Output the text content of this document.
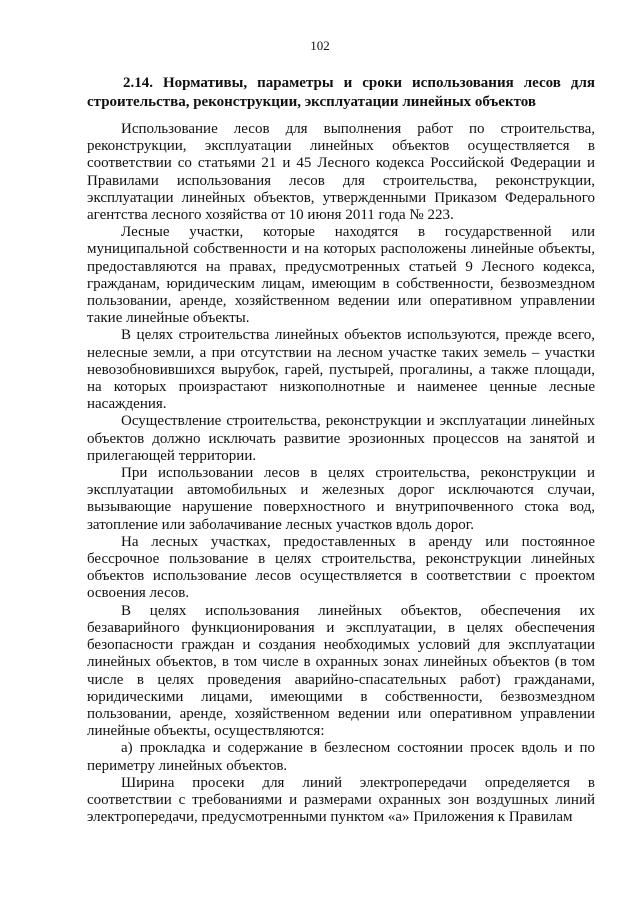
102
2.14. Нормативы, параметры и сроки использования лесов для строительства, реконструкции, эксплуатации линейных объектов

Использование лесов для выполнения работ по строительства, реконструкции, эксплуатации линейных объектов осуществляется в соответствии со статьями 21 и 45 Лесного кодекса Российской Федерации и Правилами использования лесов для строительства, реконструкции, эксплуатации линейных объектов, утвержденными Приказом Федерального агентства лесного хозяйства от 10 июня 2011 года № 223.

Лесные участки, которые находятся в государственной или муниципальной собственности и на которых расположены линейные объекты, предоставляются на правах, предусмотренных статьей 9 Лесного кодекса, гражданам, юридическим лицам, имеющим в собственности, безвозмездном пользовании, аренде, хозяйственном ведении или оперативном управлении такие линейные объекты.

В целях строительства линейных объектов используются, прежде всего, нелесные земли, а при отсутствии на лесном участке таких земель – участки невозобновившихся вырубок, гарей, пустырей, прогалины, а также площади, на которых произрастают низкополнотные и наименее ценные лесные насаждения.

Осуществление строительства, реконструкции и эксплуатации линейных объектов должно исключать развитие эрозионных процессов на занятой и прилегающей территории.

При использовании лесов в целях строительства, реконструкции и эксплуатации автомобильных и железных дорог исключаются случаи, вызывающие нарушение поверхностного и внутрипочвенного стока вод, затопление или заболачивание лесных участков вдоль дорог.

На лесных участках, предоставленных в аренду или постоянное бессрочное пользование в целях строительства, реконструкции линейных объектов использование лесов осуществляется в соответствии с проектом освоения лесов.

В целях использования линейных объектов, обеспечения их безаварийного функционирования и эксплуатации, в целях обеспечения безопасности граждан и создания необходимых условий для эксплуатации линейных объектов, в том числе в охранных зонах линейных объектов (в том числе в целях проведения аварийно-спасательных работ) гражданами, юридическими лицами, имеющими в собственности, безвозмездном пользовании, аренде, хозяйственном ведении или оперативном управлении линейные объекты, осуществляются:

а) прокладка и содержание в безлесном состоянии просек вдоль и по периметру линейных объектов.

Ширина просеки для линий электропередачи определяется в соответствии с требованиями и размерами охранных зон воздушных линий электропередачи, предусмотренными пунктом «а» Приложения к Правилам
